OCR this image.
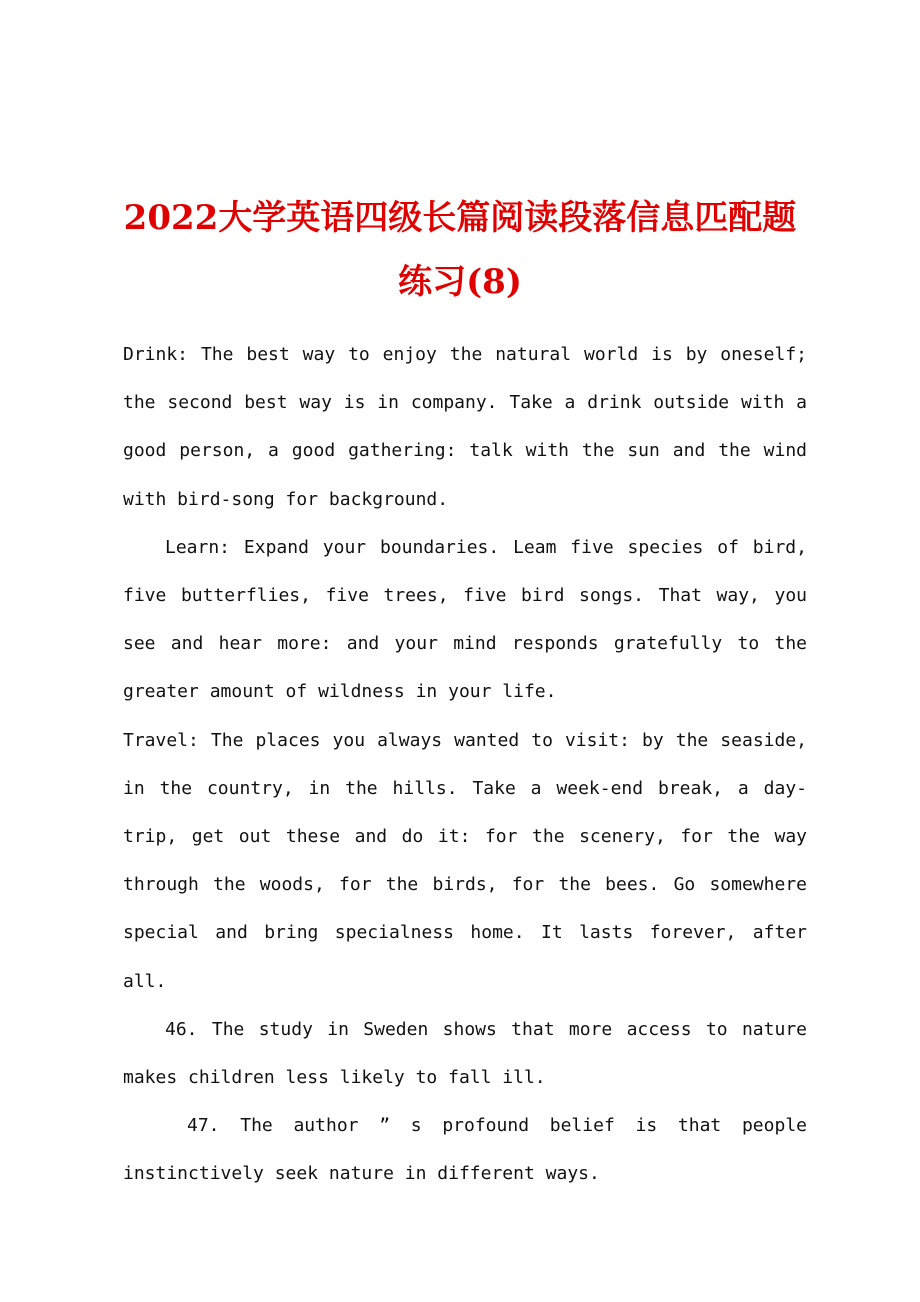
2022大学英语四级长篇阅读段落信息匹配题
练习(8)

Drink: The best way to enjoy the natural world is by oneself; the second best way is in company. Take a drink outside with a good person, a good gathering: talk with the sun and the wind with bird-song for background.

Learn: Expand your boundaries. Leam five species of bird, five butterflies, five trees, five bird songs. That way, you see and hear more: and your mind responds gratefully to the greater amount of wildness in your life.

Travel: The places you always wanted to visit: by the seaside, in the country, in the hills. Take a week-end break, a day-trip, get out these and do it: for the scenery, for the way through the woods, for the birds, for the bees. Go somewhere special and bring specialness home. It lasts forever, after all.

46. The study in Sweden shows that more access to nature makes children less likely to fall ill.

47. The author ” s profound belief is that people instinctively seek nature in different ways.
